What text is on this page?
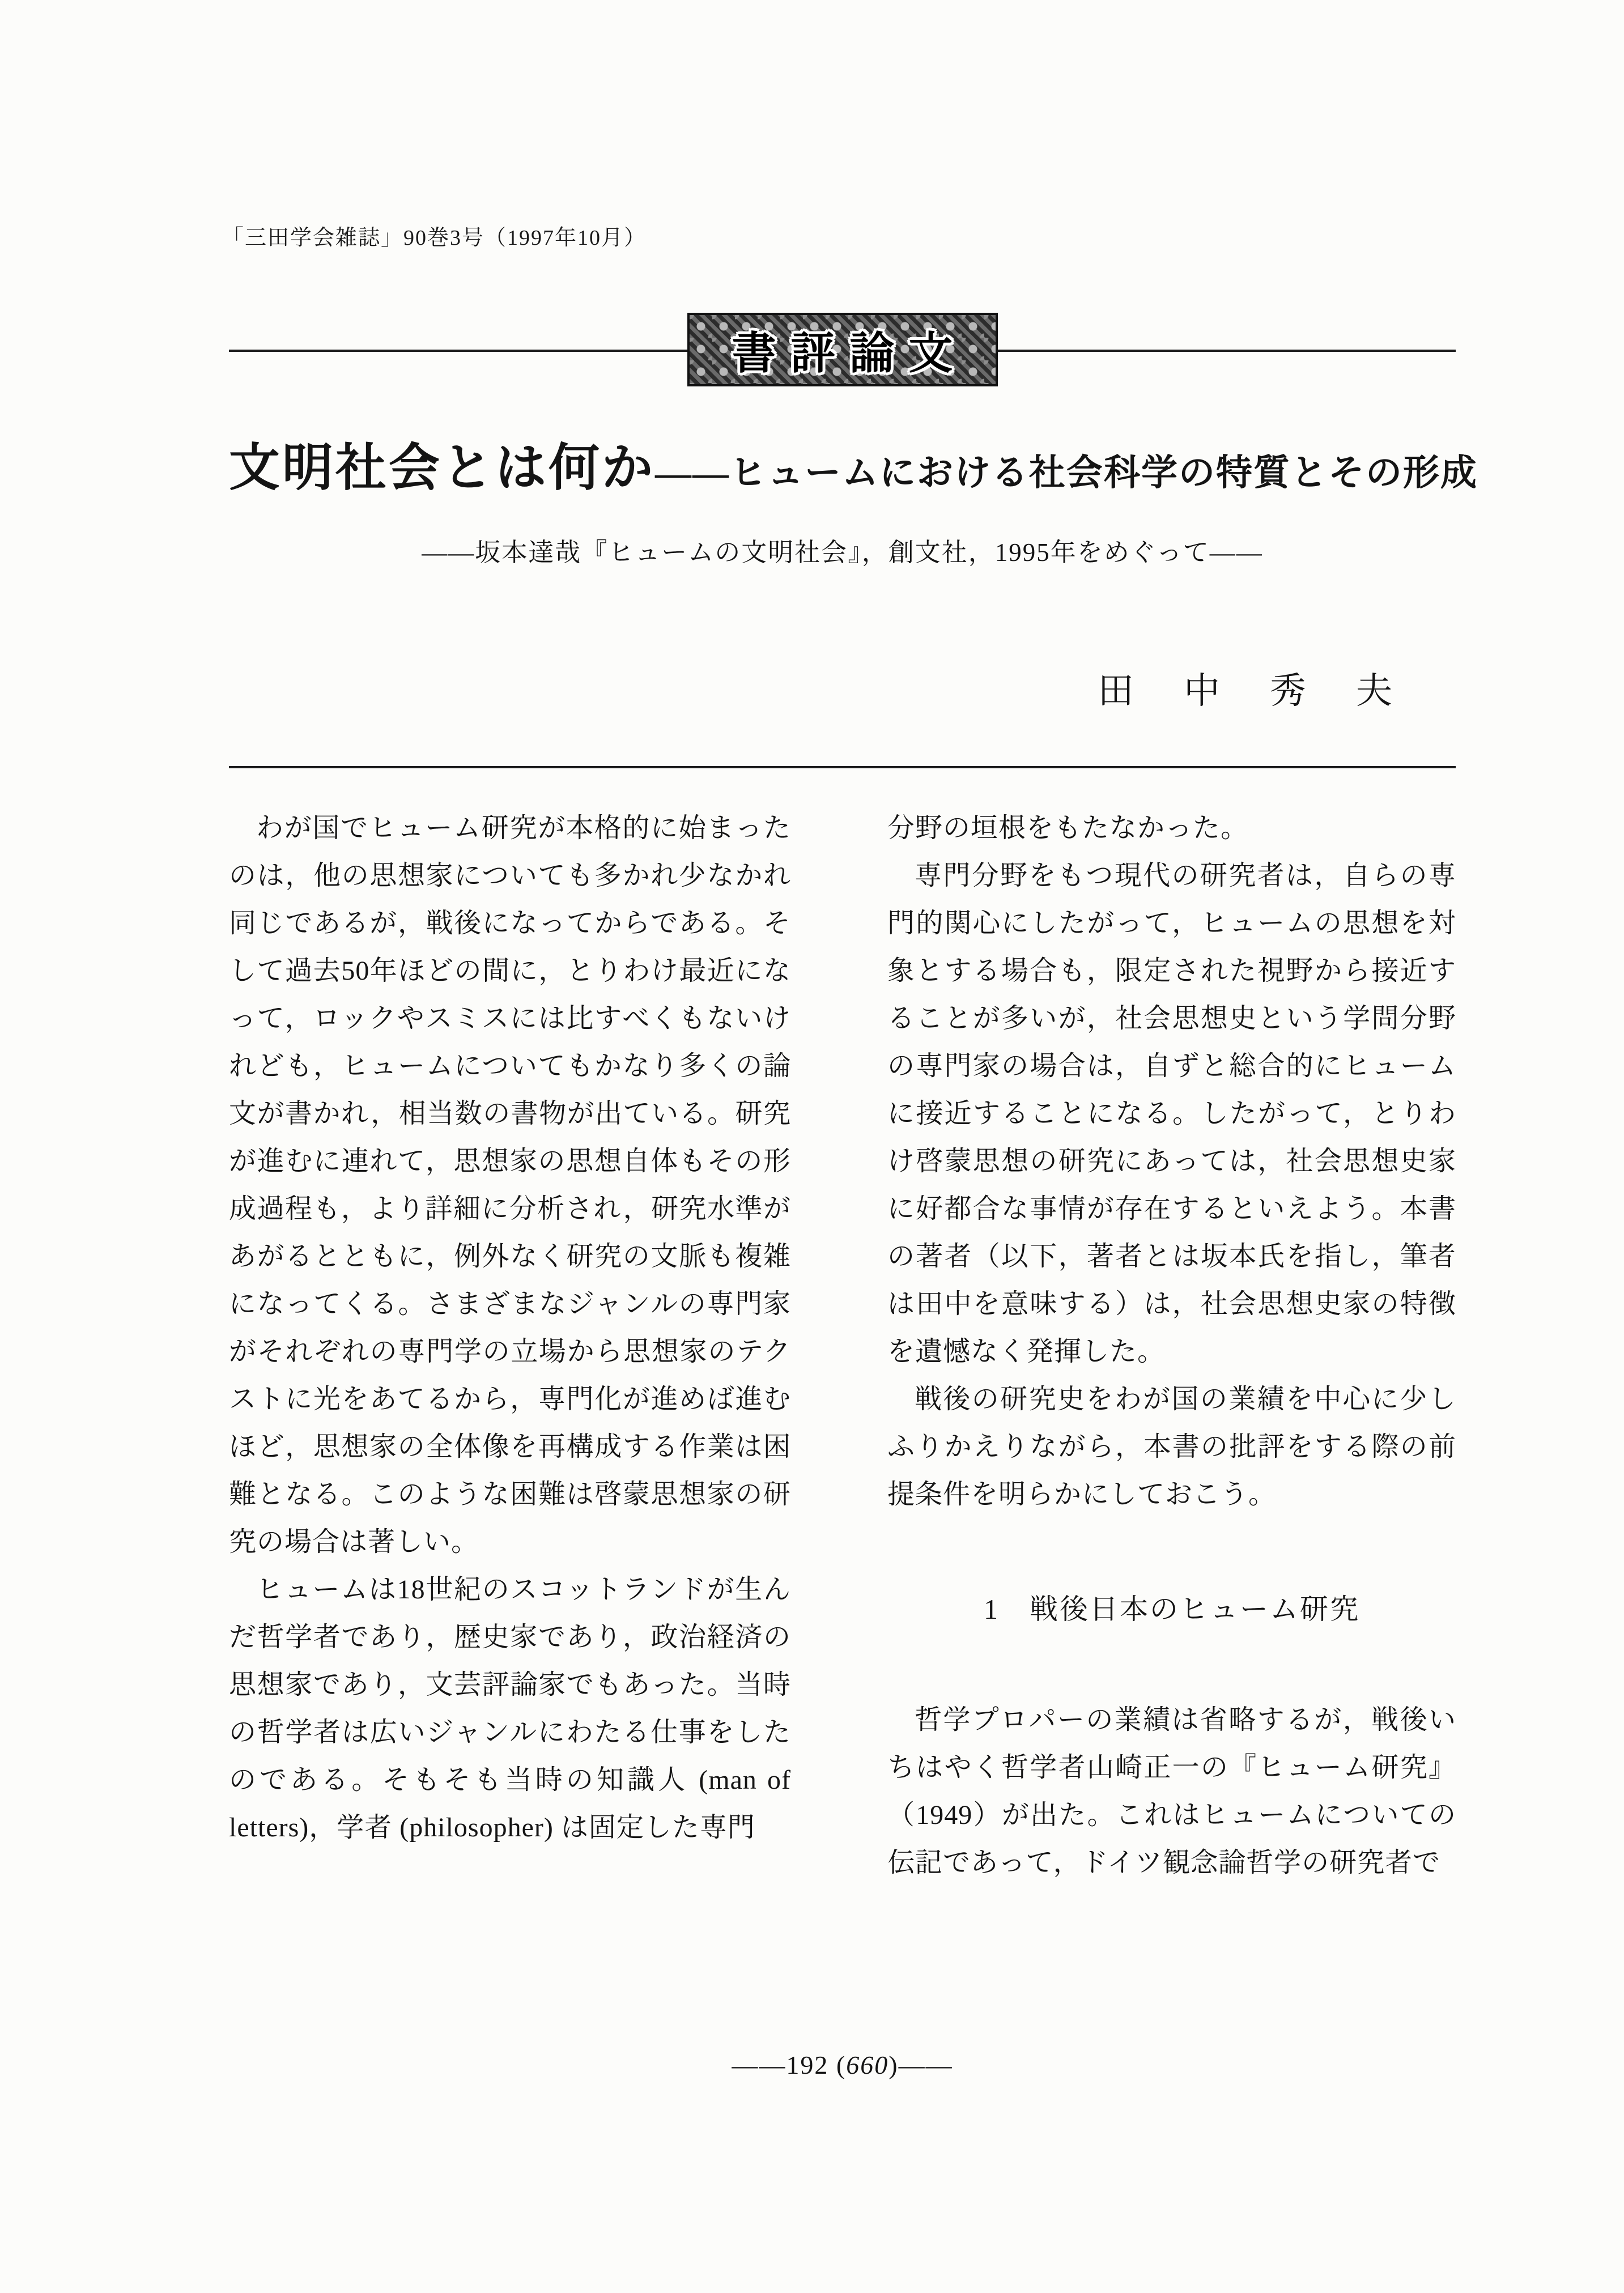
「三田学会雑誌」90巻3号（1997年10月）
書評論文
文明社会とは何か——ヒュームにおける社会科学の特質とその形成
——坂本達哉『ヒュームの文明社会』，創文社，1995年をめぐって——
田　中　秀　夫

わが国でヒューム研究が本格的に始まったのは，他の思想家についても多かれ少なかれ同じであるが，戦後になってからである。そして過去50年ほどの間に，とりわけ最近になって，ロックやスミスには比すべくもないけれども，ヒュームについてもかなり多くの論文が書かれ，相当数の書物が出ている。研究が進むに連れて，思想家の思想自体もその形成過程も，より詳細に分析され，研究水準があがるとともに，例外なく研究の文脈も複雑になってくる。さまざまなジャンルの専門家がそれぞれの専門学の立場から思想家のテクストに光をあてるから，専門化が進めば進むほど，思想家の全体像を再構成する作業は困難となる。このような困難は啓蒙思想家の研究の場合は著しい。

ヒュームは18世紀のスコットランドが生んだ哲学者であり，歴史家であり，政治経済の思想家であり，文芸評論家でもあった。当時の哲学者は広いジャンルにわたる仕事をしたのである。そもそも当時の知識人 (man of letters)，学者 (philosopher) は固定した専門

分野の垣根をもたなかった。

専門分野をもつ現代の研究者は，自らの専門的関心にしたがって，ヒュームの思想を対象とする場合も，限定された視野から接近することが多いが，社会思想史という学問分野の専門家の場合は，自ずと総合的にヒュームに接近することになる。したがって，とりわけ啓蒙思想の研究にあっては，社会思想史家に好都合な事情が存在するといえよう。本書の著者（以下，著者とは坂本氏を指し，筆者は田中を意味する）は，社会思想史家の特徴を遺憾なく発揮した。

戦後の研究史をわが国の業績を中心に少しふりかえりながら，本書の批評をする際の前提条件を明らかにしておこう。

1　戦後日本のヒューム研究

哲学プロパーの業績は省略するが，戦後いちはやく哲学者山崎正一の『ヒューム研究』（1949）が出た。これはヒュームについての伝記であって，ドイツ観念論哲学の研究者で

——192 (660)——
